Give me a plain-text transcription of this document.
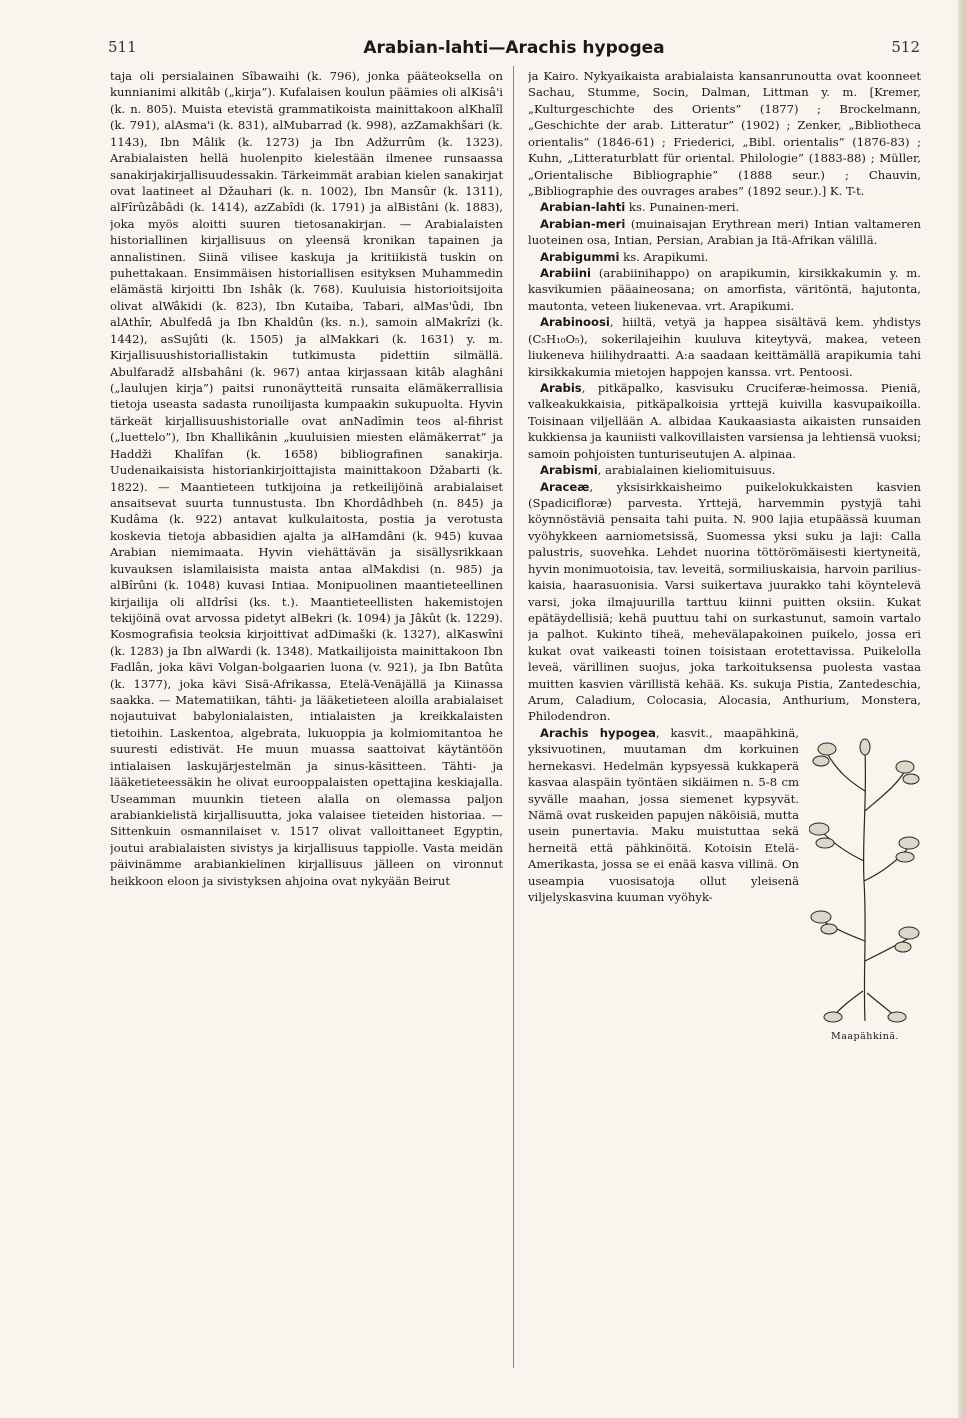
511	Arabian-lahti—Arachis hypogea	512

taja oli persialainen Sîbawaihi (k. 796), jonka pääteoksella on kunnianimi alkitâb („kirja”). Kufalaisen koulun päämies oli alKisâ'i (k. n. 805). Muista etevistä grammatikoista mainittakoon alKhalîl (k. 791), alAsma'i (k. 831), alMubarrad (k. 998), azZamakhšari (k. 1143), Ibn Mâlik (k. 1273) ja Ibn Adžurrûm (k. 1323). Arabialaisten hellä huolenpito kielestään ilmenee runsaassa sanakirjakirjallisuudessakin. Tärkeimmät arabian kielen sanakirjat ovat laatineet al Džauhari (k. n. 1002), Ibn Mansûr (k. 1311), alFîrûzâbâdi (k. 1414), azZabîdi (k. 1791) ja alBistâni (k. 1883), joka myös aloitti suuren tietosanakirjan. — Arabialaisten historiallinen kirjallisuus on yleensä kronikan tapainen ja annalistinen. Siinä vilisee kaskuja ja kritiikistä tuskin on puhettakaan. Ensimmäisen historiallisen esityksen Muhammedin elämästä kirjoitti Ibn Ishâk (k. 768). Kuuluisia historioitsijoita olivat alWâkidi (k. 823), Ibn Kutaiba, Tabari, alMas'ûdi, Ibn alAthîr, Abulfedâ ja Ibn Khaldûn (ks. n.), samoin alMakrîzi (k. 1442), asSujûti (k. 1505) ja alMakkari (k. 1631) y. m. Kirjallisuushistoriallistakin tutkimusta pidettiin silmällä. Abulfaradž alIsbahâni (k. 967) antaa kirjassaan kitâb alaghâni („laulujen kirja”) paitsi runonäytteitä runsaita elämäkerrallisia tietoja useasta sadasta runoilijasta kumpaakin sukupuolta. Hyvin tärkeät kirjallisuushistorialle ovat anNadîmin teos al-fihrist („luettelo”), Ibn Khallikânin „kuuluisien miesten elämäkerrat” ja Haddži Khalîfan (k. 1658) bibliografinen sanakirja. Uudenaikaisista historiankirjoittajista mainittakoon Džabarti (k. 1822). — Maantieteen tutkijoina ja retkeilijöinä arabialaiset ansaitsevat suurta tunnustusta. Ibn Khordâdhbeh (n. 845) ja Kudâma (k. 922) antavat kulkulaitosta, postia ja verotusta koskevia tietoja abbasidien ajalta ja alHamdâni (k. 945) kuvaa Arabian niemimaata. Hyvin viehättävän ja sisällysrikkaan kuvauksen islamilaisista maista antaa alMakdisi (n. 985) ja alBîrûni (k. 1048) kuvasi Intiaa. Monipuolinen maantieteellinen kirjailija oli alIdrîsi (ks. t.). Maantieteellisten hakemistojen tekijöinä ovat arvossa pidetyt alBekri (k. 1094) ja Jâkût (k. 1229). Kosmografisia teoksia kirjoittivat adDimaški (k. 1327), alKaswîni (k. 1283) ja Ibn alWardi (k. 1348). Matkailijoista mainittakoon Ibn Fadlân, joka kävi Volgan-bolgaarien luona (v. 921), ja Ibn Batûta (k. 1377), joka kävi Sisä-Afrikassa, Etelä-Venäjällä ja Kiinassa saakka. — Matematiikan, tähti- ja lääketieteen aloilla arabialaiset nojautuivat babylonialaisten, intialaisten ja kreikkalaisten tietoihin. Laskentoa, algebrata, lukuoppia ja kolmiomitantoa he suuresti edistivät. He muun muassa saattoivat käytäntöön intialaisen laskujärjestelmän ja sinus-käsitteen. Tähti- ja lääketieteessäkin he olivat eurooppalaisten opettajina keskiajalla. Useamman muunkin tieteen alalla on olemassa paljon arabiankielistä kirjallisuutta, joka valaisee tieteiden historiaa. — Sittenkuin osmannilaiset v. 1517 olivat valloittaneet Egyptin, joutui arabialaisten sivistys ja kirjallisuus tappiolle. Vasta meidän päivinämme arabiankielinen kirjallisuus jälleen on vironnut heikkoon eloon ja sivistyksen ahjoina ovat nykyään Beirut

ja Kairo. Nykyaikaista arabialaista kansanrunoutta ovat koonneet Sachau, Stumme, Socin, Dalman, Littman y. m. [Kremer, „Kulturgeschichte des Orients” (1877) ; Brockelmann, „Geschichte der arab. Litteratur” (1902) ; Zenker, „Bibliotheca orientalis” (1846-61) ; Friederici, „Bibl. orientalis” (1876-83) ; Kuhn, „Litteraturblatt für oriental. Philologie” (1883-88) ; Müller, „Orientalische Bibliographie” (1888 seur.) ; Chauvin, „Bibliographie des ouvrages arabes” (1892 seur.).] K. T-t.

Arabian-lahti ks. Punainen-meri.

Arabian-meri (muinaisajan Erythrean meri) Intian valtameren luoteinen osa, Intian, Persian, Arabian ja Itä-Afrikan välillä.

Arabigummi ks. Arapikumi.

Arabiini (arabiinihappo) on arapikumin, kirsikkakumin y. m. kasvikumien pääaineosana; on amorfista, väritöntä, hajutonta, mautonta, veteen liukenevaa. vrt. Arapikumi.

Arabinoosi, hiiltä, vetyä ja happea sisältävä kem. yhdistys (C₅H₁₀O₅), sokerilajeihin kuuluva kiteytyvä, makea, veteen liukeneva hiilihydraatti. A:a saadaan keittämällä arapikumia tahi kirsikkakumia mietojen happojen kanssa. vrt. Pentoosi.

Arabis, pitkäpalko, kasvisuku Cruciferæ-heimossa. Pieniä, valkeakukkaisia, pitkäpalkoisia yrttejä kuivilla kasvupaikoilla. Toisinaan viljellään A. albidaa Kaukaasiasta aikaisten runsaiden kukkiensa ja kauniisti valkovillaisten varsiensa ja lehtiensä vuoksi; samoin pohjoisten tunturiseutujen A. alpinaa.

Arabismi, arabialainen kieliomituisuus.

Araceæ, yksisirkkaisheimo puikelokukkaisten kasvien (Spadicifloræ) parvesta. Yrttejä, harvemmin pystyjä tahi köynnöstäviä pensaita tahi puita. N. 900 lajia etupäässä kuuman vyöhykkeen aarniometsissä, Suomessa yksi suku ja laji: Calla palustris, suovehka. Lehdet nuorina töttörömäisesti kiertyneitä, hyvin monimuotoisia, tav. leveitä, sormiliuskaisia, harvoin parilius-kaisia, haarasuonisia. Varsi suikertava juurakko tahi köyntelevä varsi, joka ilmajuurilla tarttuu kiinni puitten oksiin. Kukat epätäydellisiä; kehä puuttuu tahi on surkastunut, samoin vartalo ja palhot. Kukinto tiheä, mehevälapakoinen puikelo, jossa eri kukat ovat vaikeasti toinen toisistaan erotettavissa. Puikelolla leveä, värillinen suojus, joka tarkoituksensa puolesta vastaa muitten kasvien värillistä kehää. Ks. sukuja Pistia, Zantedeschia, Arum, Caladium, Colocasia, Alocasia, Anthurium, Monstera, Philodendron.

Maapähkinä.
Arachis hypogea, kasvit., maapähkinä, yksivuotinen, muutaman dm korkuinen hernekasvi. Hedelmän kypsyessä kukkaperä kasvaa alaspäin työntäen sikiäimen n. 5-8 cm syvälle maahan, jossa siemenet kypsyvät. Nämä ovat ruskeiden papujen näköisiä, mutta usein punertavia. Maku muistuttaa sekä herneitä että pähkinöitä. Kotoisin Etelä-Amerikasta, jossa se ei enää kasva villinä. On useampia vuosisatoja ollut yleisenä viljelyskasvina kuuman vyöhyk-
